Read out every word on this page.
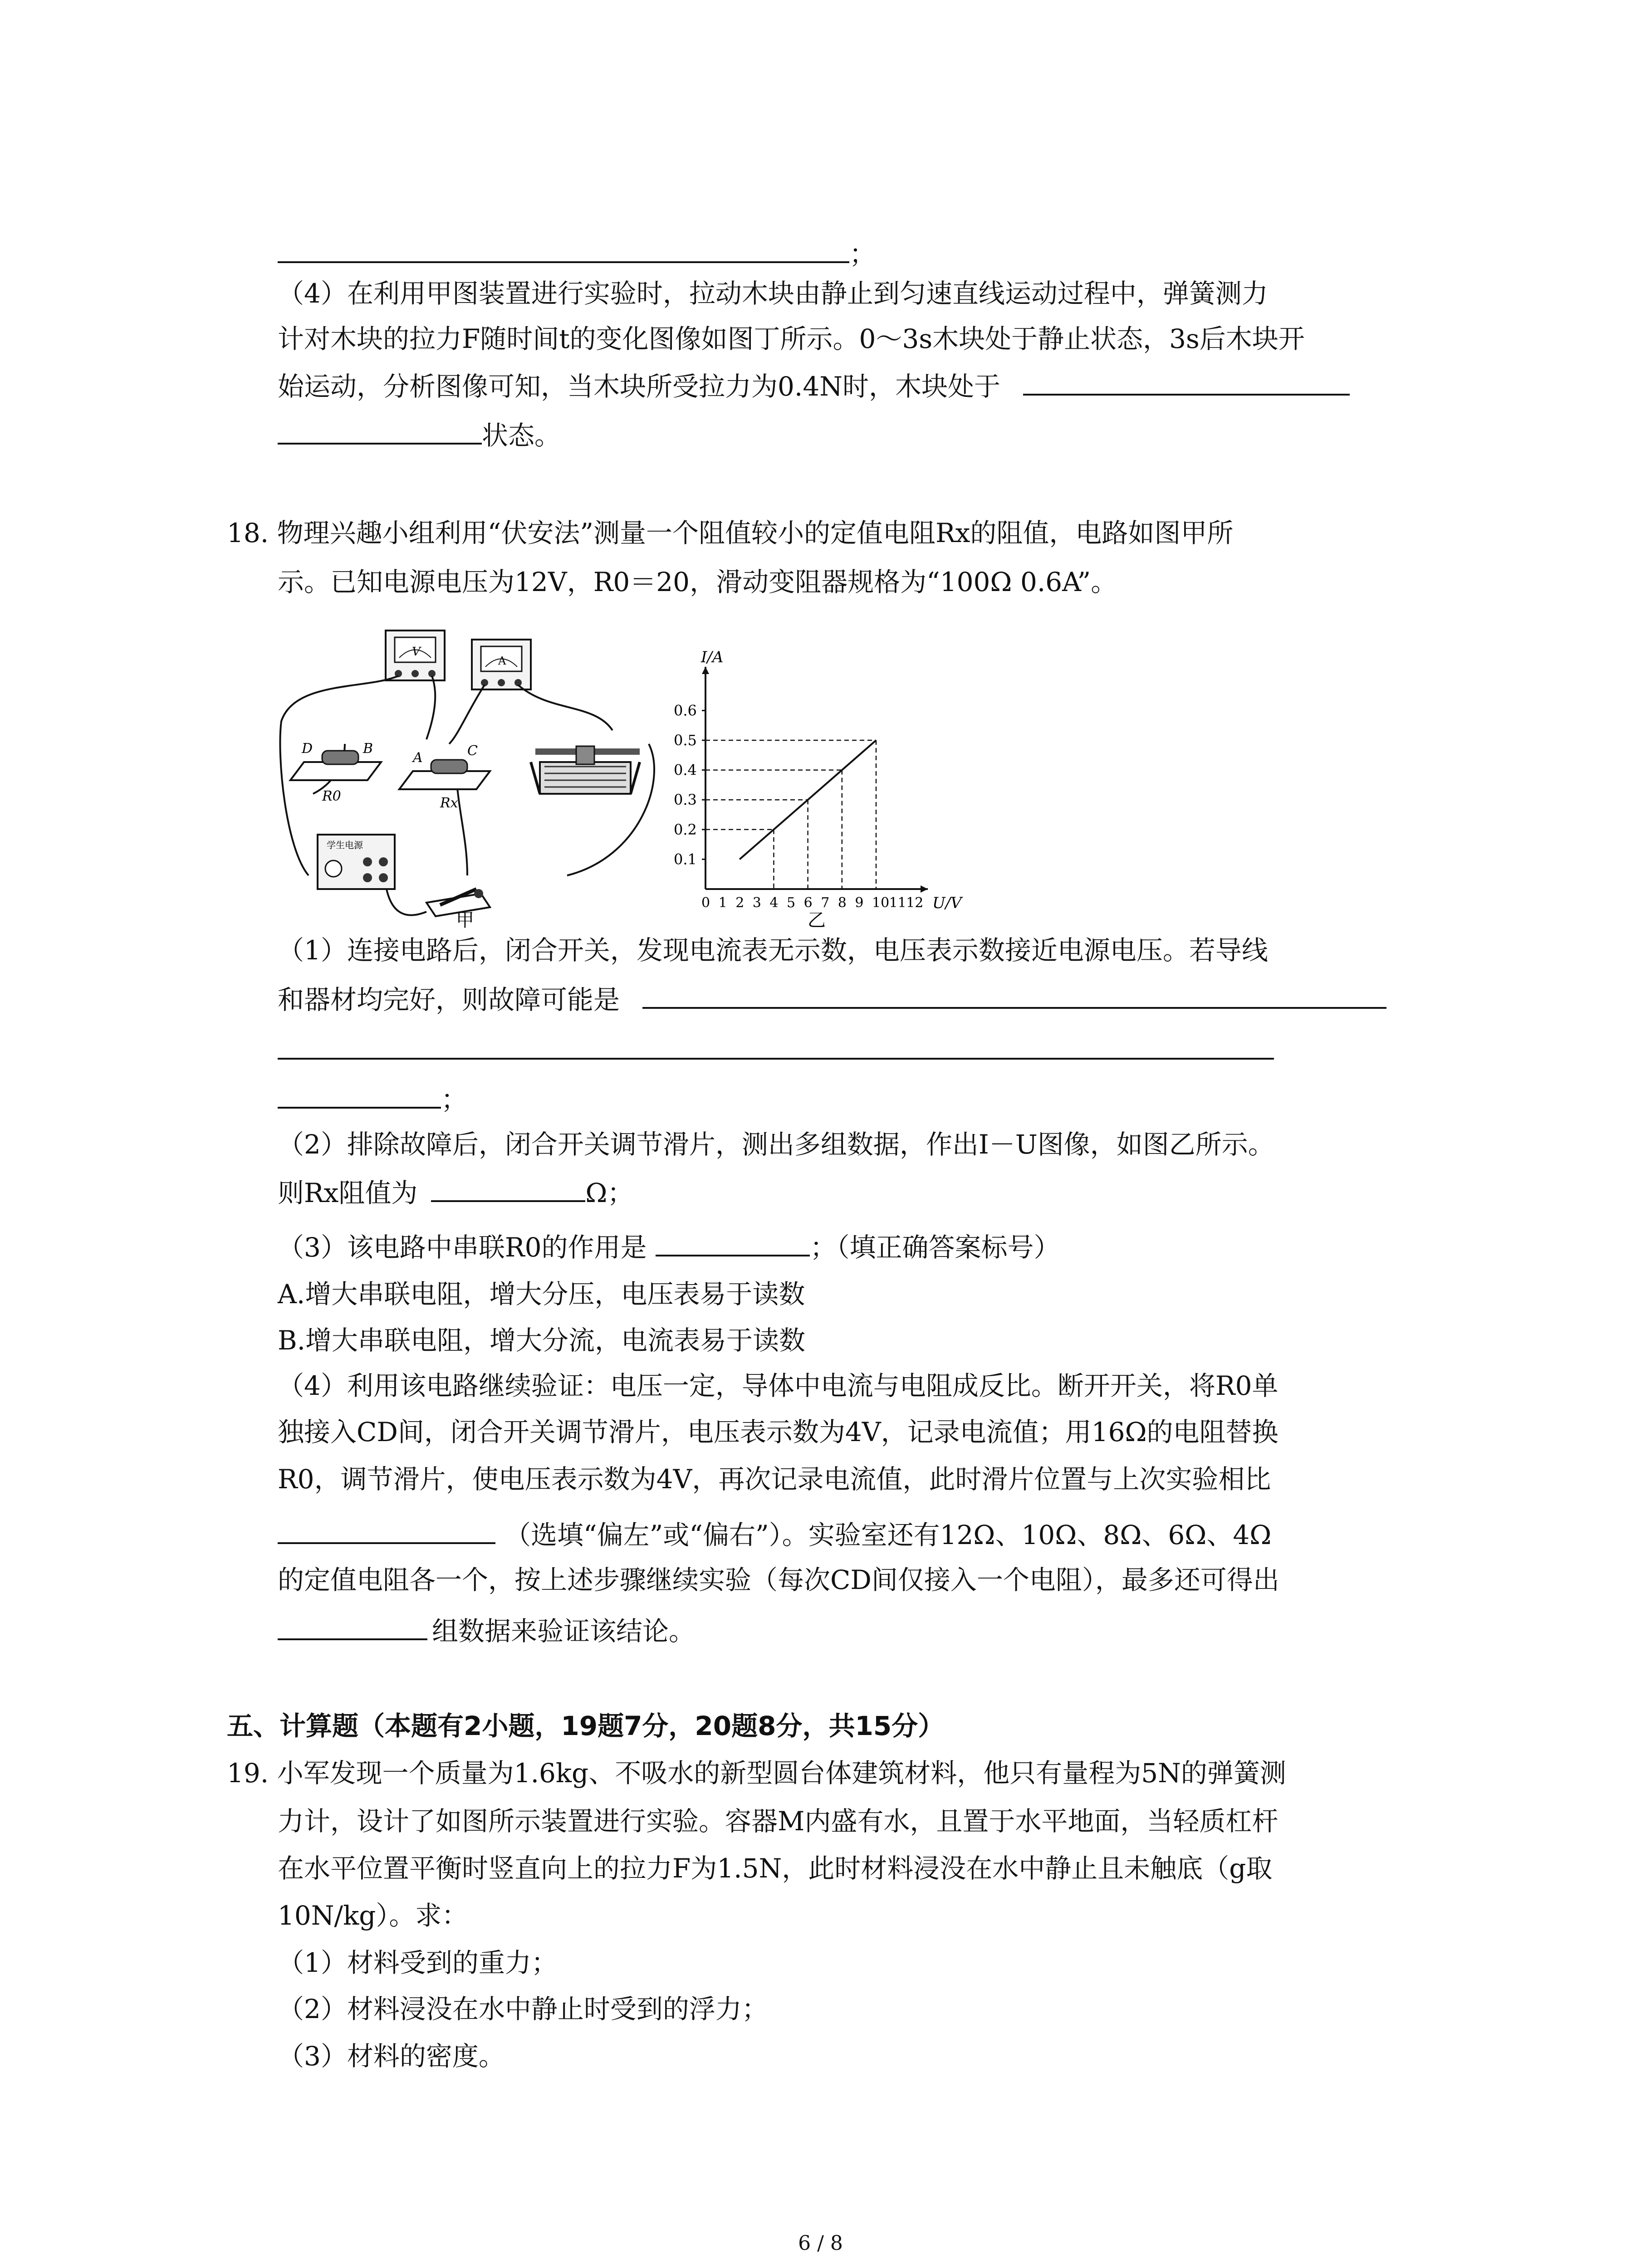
；
（4）在利用甲图装置进行实验时，拉动木块由静止到匀速直线运动过程中，弹簧测力
计对木块的拉力F随时间t的变化图像如图丁所示。0～3s木块处于静止状态，3s后木块开
始运动，分析图像可知，当木块所受拉力为0.4N时，木块处于
状态。
18. 物理兴趣小组利用“伏安法”测量一个阻值较小的定值电阻Rx的阻值，电路如图甲所
示。已知电源电压为12V，R0＝20，滑动变阻器规格为“100Ω 0.6A”。
V
A
D	B
R0
A	C
Rx
学生电源
甲
0.1
0.2
0.3
0.4
0.5
0.6
0 1 2 3 4 5 6 7 8 9 10 11 12
I/A
U/V
乙
（1）连接电路后，闭合开关，发现电流表无示数，电压表示数接近电源电压。若导线
和器材均完好，则故障可能是
；
（2）排除故障后，闭合开关调节滑片，测出多组数据，作出I－U图像，如图乙所示。
则Rx阻值为	Ω；
（3）该电路中串联R0的作用是	；（填正确答案标号）
A.增大串联电阻，增大分压，电压表易于读数
B.增大串联电阻，增大分流，电流表易于读数
（4）利用该电路继续验证：电压一定，导体中电流与电阻成反比。断开开关，将R0单
独接入CD间，闭合开关调节滑片，电压表示数为4V，记录电流值；用16Ω的电阻替换
R0，调节滑片，使电压表示数为4V，再次记录电流值，此时滑片位置与上次实验相比
（选填“偏左”或“偏右”）。实验室还有12Ω、10Ω、8Ω、6Ω、4Ω
的定值电阻各一个，按上述步骤继续实验（每次CD间仅接入一个电阻），最多还可得出
组数据来验证该结论。
五、计算题（本题有2小题，19题7分，20题8分，共15分）
19. 小军发现一个质量为1.6kg、不吸水的新型圆台体建筑材料，他只有量程为5N的弹簧测
力计，设计了如图所示装置进行实验。容器M内盛有水，且置于水平地面，当轻质杠杆
在水平位置平衡时竖直向上的拉力F为1.5N，此时材料浸没在水中静止且未触底（g取
10N/kg）。求：
（1）材料受到的重力；
（2）材料浸没在水中静止时受到的浮力；
（3）材料的密度。
6 / 8
